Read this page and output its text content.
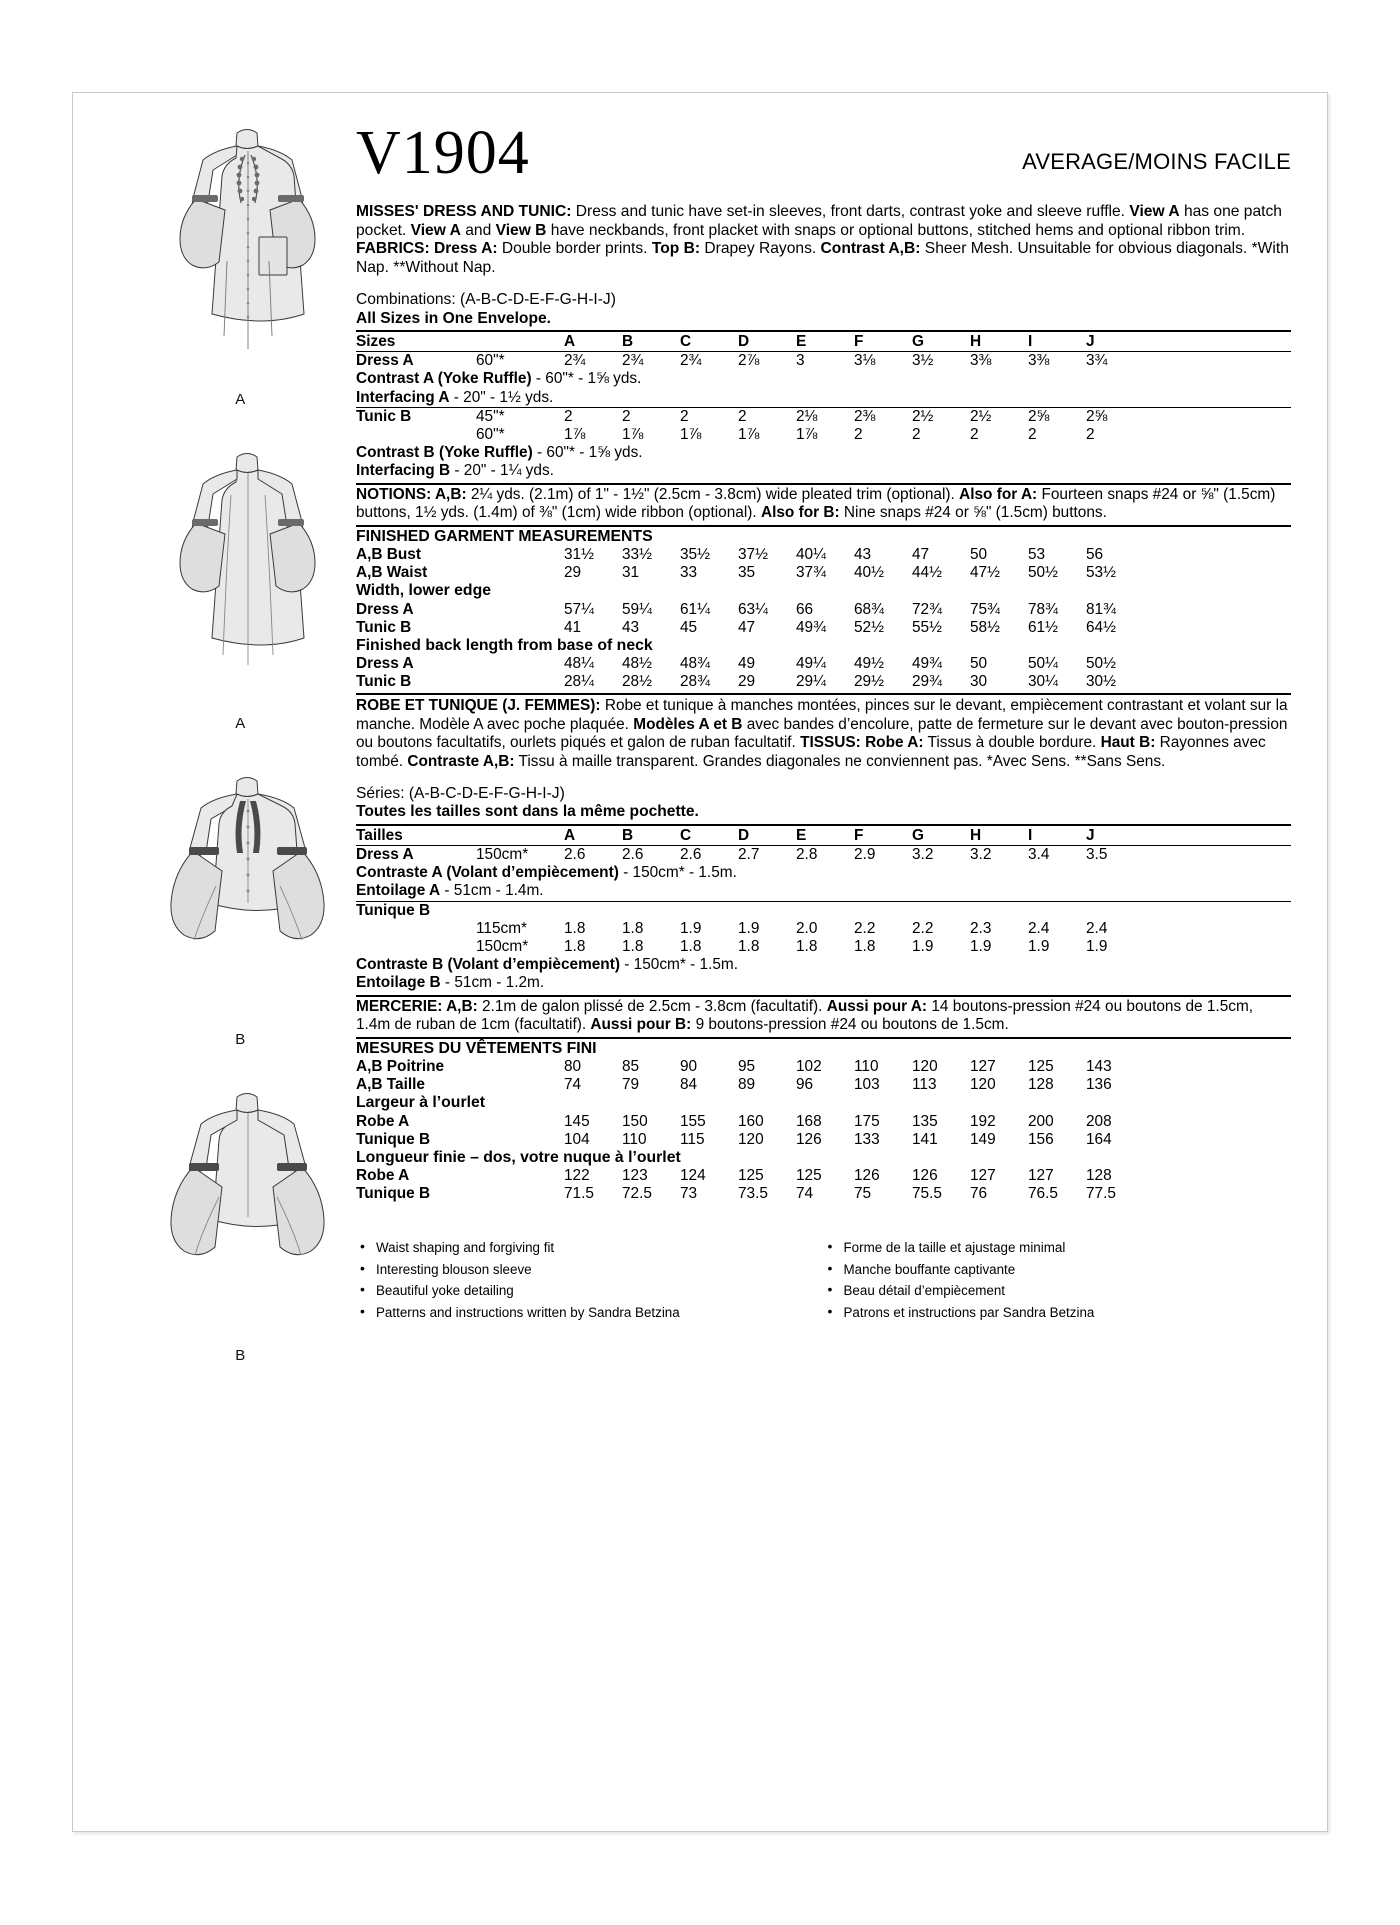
A
A
B
B
V1904	AVERAGE/MOINS FACILE
MISSES' DRESS AND TUNIC: Dress and tunic have set-in sleeves, front darts, contrast yoke and sleeve ruffle. View A has one patch pocket. View A and View B have neckbands, front placket with snaps or optional buttons, stitched hems and optional ribbon trim. FABRICS: Dress A: Double border prints. Top B: Drapey Rayons. Contrast A,B: Sheer Mesh. Unsuitable for obvious diagonals. *With Nap. **Without Nap.
Combinations: (A-B-C-D-E-F-G-H-I-J)
All Sizes in One Envelope.
Sizes		A	B	C	D	E	F	G	H	I	J
Dress A	60"*	2¾	2¾	2¾	2⅞	3	3⅛	3½	3⅜	3⅜	3¾
Contrast A (Yoke Ruffle) - 60"* - 1⅝ yds.
Interfacing A - 20" - 1½ yds.
Tunic B	45"*	2	2	2	2	2⅛	2⅜	2½	2½	2⅝	2⅝
	60"*	1⅞	1⅞	1⅞	1⅞	1⅞	2	2	2	2	2
Contrast B (Yoke Ruffle) - 60"* - 1⅝ yds.
Interfacing B - 20" - 1¼ yds.
NOTIONS: A,B: 2¼ yds. (2.1m) of 1" - 1½" (2.5cm - 3.8cm) wide pleated trim (optional). Also for A: Fourteen snaps #24 or ⅝" (1.5cm) buttons, 1½ yds. (1.4m) of ⅜" (1cm) wide ribbon (optional). Also for B: Nine snaps #24 or ⅝" (1.5cm) buttons.
FINISHED GARMENT MEASUREMENTS
A,B Bust	31½	33½	35½	37½	40¼	43	47	50	53	56
A,B Waist	29	31	33	35	37¾	40½	44½	47½	50½	53½
Width, lower edge
Dress A	57¼	59¼	61¼	63¼	66	68¾	72¾	75¾	78¾	81¾
Tunic B	41	43	45	47	49¾	52½	55½	58½	61½	64½
Finished back length from base of neck
Dress A	48¼	48½	48¾	49	49¼	49½	49¾	50	50¼	50½
Tunic B	28¼	28½	28¾	29	29¼	29½	29¾	30	30¼	30½
ROBE ET TUNIQUE (J. FEMMES): Robe et tunique à manches montées, pinces sur le devant, empiècement contrastant et volant sur la manche. Modèle A avec poche plaquée. Modèles A et B avec bandes d’encolure, patte de fermeture sur le devant avec bouton-pression ou boutons facultatifs, ourlets piqués et galon de ruban facultatif. TISSUS: Robe A: Tissus à double bordure. Haut B: Rayonnes avec tombé. Contraste A,B: Tissu à maille transparent. Grandes diagonales ne conviennent pas. *Avec Sens. **Sans Sens.
Séries: (A-B-C-D-E-F-G-H-I-J)
Toutes les tailles sont dans la même pochette.
Tailles		A	B	C	D	E	F	G	H	I	J
Dress A	150cm*	2.6	2.6	2.6	2.7	2.8	2.9	3.2	3.2	3.4	3.5
Contraste A (Volant d’empiècement) - 150cm* - 1.5m.
Entoilage A - 51cm - 1.4m.
Tunique B
	115cm*	1.8	1.8	1.9	1.9	2.0	2.2	2.2	2.3	2.4	2.4
	150cm*	1.8	1.8	1.8	1.8	1.8	1.8	1.9	1.9	1.9	1.9
Contraste B (Volant d’empiècement) - 150cm* - 1.5m.
Entoilage B - 51cm - 1.2m.
MERCERIE: A,B: 2.1m de galon plissé de 2.5cm - 3.8cm (facultatif). Aussi pour A: 14 boutons-pression #24 ou boutons de 1.5cm, 1.4m de ruban de 1cm (facultatif). Aussi pour B: 9 boutons-pression #24 ou boutons de 1.5cm.
MESURES DU VÊTEMENTS FINI
A,B Poitrine	80	85	90	95	102	110	120	127	125	143
A,B Taille	74	79	84	89	96	103	113	120	128	136
Largeur à l’ourlet
Robe A	145	150	155	160	168	175	135	192	200	208
Tunique B	104	110	115	120	126	133	141	149	156	164
Longueur finie – dos, votre nuque à l’ourlet
Robe A	122	123	124	125	125	126	126	127	127	128
Tunique B	71.5	72.5	73	73.5	74	75	75.5	76	76.5	77.5
• Waist shaping and forgiving fit
• Interesting blouson sleeve
• Beautiful yoke detailing
• Patterns and instructions written by Sandra Betzina
• Forme de la taille et ajustage minimal
• Manche bouffante captivante
• Beau détail d’empiècement
• Patrons et instructions par Sandra Betzina
